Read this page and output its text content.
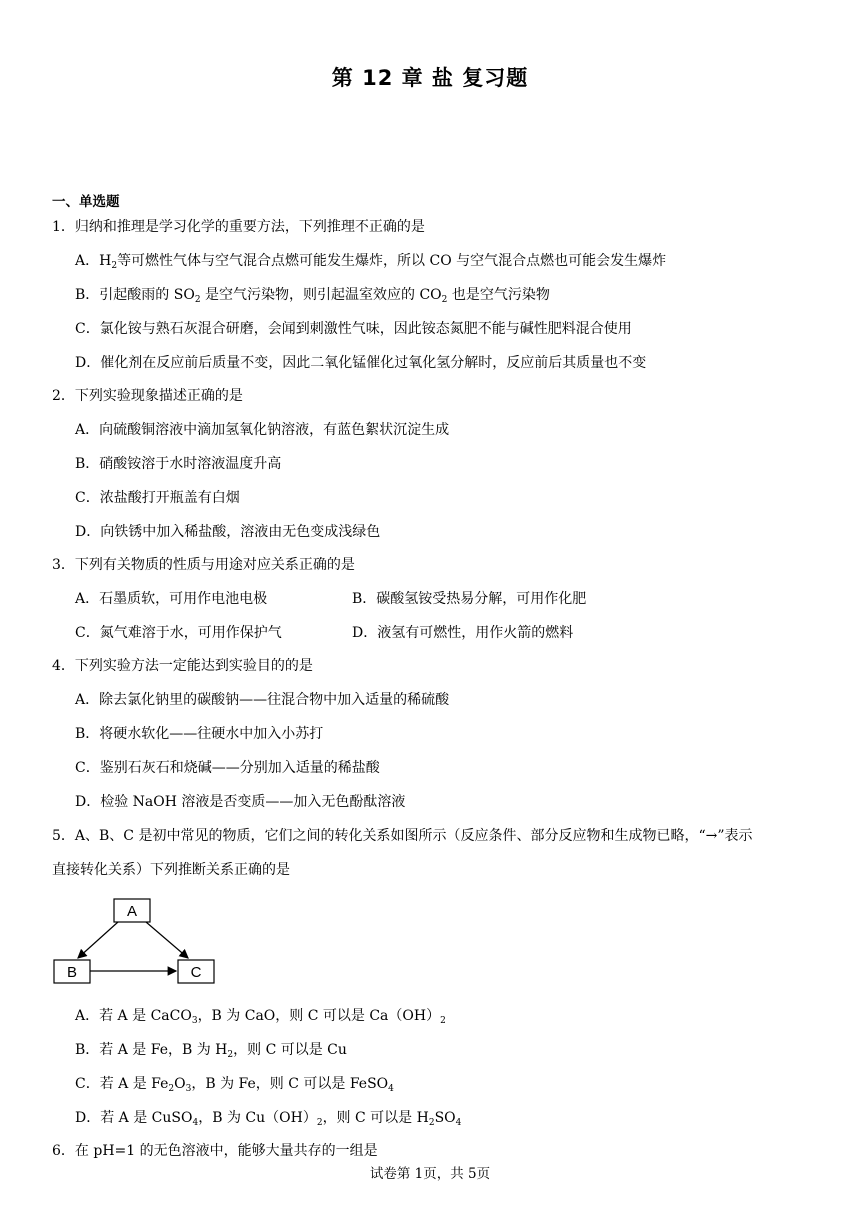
第 12 章 盐 复习题
一、单选题
1．归纳和推理是学习化学的重要方法，下列推理不正确的是
A．$H_2$等可燃性气体与空气混合点燃可能发生爆炸，所以 CO 与空气混合点燃也可能会发生爆炸
B．引起酸雨的 $SO_2$ 是空气污染物，则引起温室效应的 $CO_2$ 也是空气污染物
C．氯化铵与熟石灰混合研磨，会闻到刺激性气味，因此铵态氮肥不能与碱性肥料混合使用
D．催化剂在反应前后质量不变，因此二氧化锰催化过氧化氢分解时，反应前后其质量也不变
2．下列实验现象描述正确的是
A．向硫酸铜溶液中滴加氢氧化钠溶液，有蓝色絮状沉淀生成
B．硝酸铵溶于水时溶液温度升高
C．浓盐酸打开瓶盖有白烟
D．向铁锈中加入稀盐酸，溶液由无色变成浅绿色
3．下列有关物质的性质与用途对应关系正确的是
A．石墨质软，可用作电池电极	B．碳酸氢铵受热易分解，可用作化肥
C．氮气难溶于水，可用作保护气	D．液氢有可燃性，用作火箭的燃料
4．下列实验方法一定能达到实验目的的是
A．除去氯化钠里的碳酸钠——往混合物中加入适量的稀硫酸
B．将硬水软化——往硬水中加入小苏打
C．鉴别石灰石和烧碱——分别加入适量的稀盐酸
D．检验 NaOH 溶液是否变质——加入无色酚酞溶液
5．A、B、C 是初中常见的物质，它们之间的转化关系如图所示（反应条件、部分反应物和生成物已略，“→”表示
直接转化关系）下列推断关系正确的是
A
B	C
A．若 A 是 CaCO$_3$，B 为 CaO，则 C 可以是 $Ca(OH)_2$
B．若 A 是 Fe，B 为 $H_2$，则 C 可以是 Cu
C．若 A 是 $Fe_2O_3$，B 为 Fe，则 C 可以是 FeSO$_4$
D．若 A 是 CuSO$_4$，B 为 $Cu(OH)_2$，则 C 可以是 $H_2SO_4$
6．在 pH=1 的无色溶液中，能够大量共存的一组是
试卷第 1页，共 5页
